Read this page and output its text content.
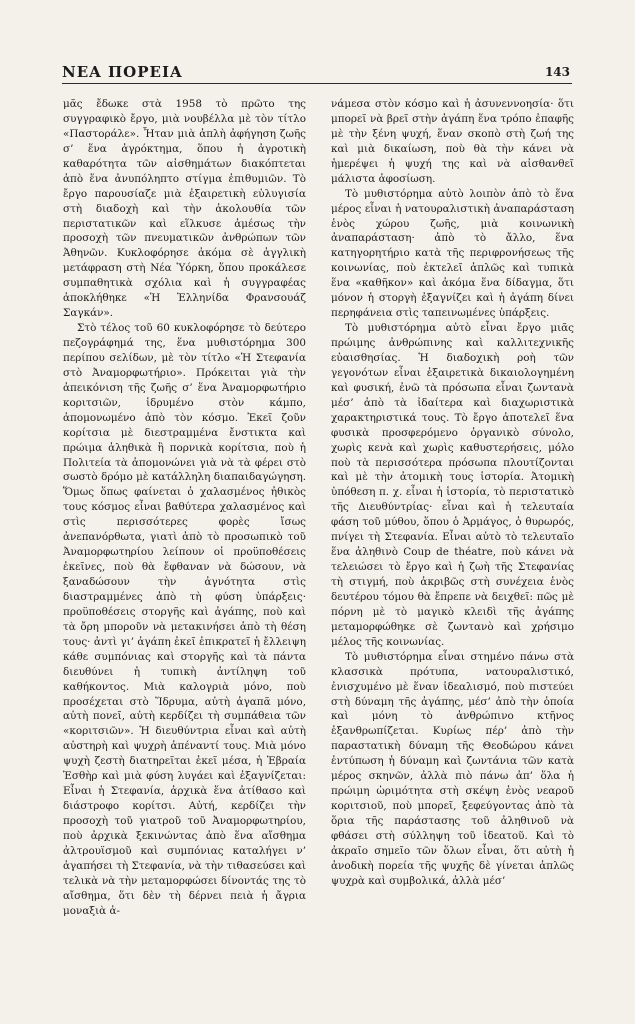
ΝΕΑ ΠΟΡΕΙΑ	143

μᾶς ἔδωκε στὰ 1958 τὸ πρῶτο της συγγραφικὸ ἔργο, μιὰ νουβέλλα μὲ τὸν τίτλο «Παστοράλε». Ἦταν μιὰ ἁπλὴ ἀφήγηση ζωῆς σ’ ἕνα ἀγρόκτημα, ὅπου ἡ ἀγροτικὴ καθαρότητα τῶν αἰσθημάτων διακόπτεται ἀπὸ ἕνα ἀνυπόληπτο στίγμα ἐπιθυμιῶν. Τὸ ἔργο παρουσίαζε μιὰ ἐξαιρετικὴ εὐλυγισία στὴ διαδοχὴ καὶ τὴν ἀκολουθία τῶν περιστατικῶν καὶ εἵλκυσε ἀμέσως τὴν προσοχὴ τῶν πνευματικῶν ἀνθρώπων τῶν Ἀθηνῶν. Κυκλοφόρησε ἀκόμα σὲ ἀγγλικὴ μετάφραση στὴ Νέα Ὑόρκη, ὅπου προκάλεσε συμπαθητικὰ σχόλια καὶ ἡ συγγραφέας ἀποκλήθηκε «Ἡ Ἑλληνίδα Φρανσουάζ Σαγκάν».

Στὸ τέλος τοῦ 60 κυκλοφόρησε τὸ δεύτερο πεζογράφημά της, ἕνα μυθιστόρημα 300 περίπου σελίδων, μὲ τὸν τίτλο «Ἡ Στεφανία στὸ Ἀναμορφωτήριο». Πρόκειται γιὰ τὴν ἀπεικόνιση τῆς ζωῆς σ’ ἕνα Ἀναμορφωτήριο κοριτσιῶν, ἱδρυμένο στὸν κάμπο, ἀπομονωμένο ἀπὸ τὸν κόσμο. Ἐκεῖ ζοῦν κορίτσια μὲ διεστραμμένα ἔνστικτα καὶ πρώιμα ἀληθικὰ ἢ πορνικὰ κορίτσια, ποὺ ἡ Πολιτεία τὰ ἀπομονώνει γιὰ νὰ τὰ φέρει στὸ σωστὸ δρόμο μὲ κατάλληλη διαπαιδαγώγηση. Ὅμως ὅπως φαίνεται ὁ χαλασμένος ἠθικὸς τους κόσμος εἶναι βαθύτερα χαλασμένος καὶ στὶς περισσότερες φορὲς ἴσως ἀνεπανόρθωτα, γιατὶ ἀπὸ τὸ προσωπικὸ τοῦ Ἀναμορφωτηρίου λείπουν οἱ προϋποθέσεις ἐκεῖνες, ποὺ θὰ ἔφθαναν νὰ δώσουν, νὰ ξαναδώσουν τὴν ἀγνότητα στὶς διαστραμμένες ἀπὸ τὴ φύση ὑπάρξεις· προϋποθέσεις στοργῆς καὶ ἀγάπης, ποὺ καὶ τὰ ὄρη μποροῦν νὰ μετακινήσει ἀπὸ τὴ θέση τους· ἀντὶ γι’ ἀγάπη ἐκεῖ ἐπικρατεῖ ἡ ἔλλειψη κάθε συμπόνιας καὶ στοργῆς καὶ τὰ πάντα διευθύνει ἡ τυπικὴ ἀντίληψη τοῦ καθήκοντος. Μιὰ καλογριὰ μόνο, ποὺ προσέχεται στὸ Ἵδρυμα, αὐτὴ ἀγαπᾶ μόνο, αὐτὴ πονεῖ, αὐτὴ κερδίζει τὴ συμπάθεια τῶν «κοριτσιῶν». Ἡ διευθύντρια εἶναι καὶ αὐτὴ αὐστηρὴ καὶ ψυχρὴ ἀπέναντί τους. Μιὰ μόνο ψυχὴ ζεστὴ διατηρεῖται ἐκεῖ μέσα, ἡ Ἑβραία Ἐσθὴρ καὶ μιὰ φύση λυγάει καὶ ἐξαγνίζεται: Εἶναι ἡ Στεφανία, ἀρχικὰ ἕνα ἀτίθασο καὶ διάστροφο κορίτσι. Αὐτή, κερδίζει τὴν προσοχὴ τοῦ γιατροῦ τοῦ Ἀναμορφωτηρίου, ποὺ ἀρχικὰ ξεκινώντας ἀπὸ ἕνα αἴσθημα ἀλτρουϊσμοῦ καὶ συμπόνιας καταλήγει ν’ ἀγαπήσει τὴ Στεφανία, νὰ τὴν τιθασεύσει καὶ τελικὰ νὰ τὴν μεταμορφώσει δίνοντάς της τὸ αἴσθημα, ὅτι δὲν τὴ δέρνει πειὰ ἡ ἄγρια μοναξιὰ ἀ-

νάμεσα στὸν κόσμο καὶ ἡ ἀσυνεννοησία· ὅτι μπορεῖ νὰ βρεῖ στὴν ἀγάπη ἕνα τρόπο ἐπαφῆς μὲ τὴν ξένη ψυχή, ἕναν σκοπὸ στὴ ζωή της καὶ μιὰ δικαίωση, ποὺ θὰ τὴν κάνει νὰ ἡμερέψει ἡ ψυχή της καὶ νὰ αἰσθανθεῖ μάλιστα ἀφοσίωση.

Τὸ μυθιστόρημα αὐτὸ λοιπὸν ἀπὸ τὸ ἕνα μέρος εἶναι ἡ νατουραλιστικὴ ἀναπαράσταση ἑνὸς χώρου ζωῆς, μιὰ κοινωνικὴ ἀναπαράσταση· ἀπὸ τὸ ἄλλο, ἕνα κατηγορητήριο κατὰ τῆς περιφρονήσεως τῆς κοινωνίας, ποὺ ἐκτελεῖ ἁπλῶς καὶ τυπικὰ ἕνα «καθῆκον» καὶ ἀκόμα ἕνα δίδαγμα, ὅτι μόνον ἡ στοργὴ ἐξαγνίζει καὶ ἡ ἀγάπη δίνει περηφάνεια στὶς ταπεινωμένες ὑπάρξεις.

Τὸ μυθιστόρημα αὐτὸ εἶναι ἔργο μιᾶς πρώιμης ἀνθρώπινης καὶ καλλιτεχνικῆς εὐαισθησίας. Ἡ διαδοχικὴ ροὴ τῶν γεγονότων εἶναι ἐξαιρετικὰ δικαιολογημένη καὶ φυσική, ἐνῶ τὰ πρόσωπα εἶναι ζωντανὰ μέσ’ ἀπὸ τὰ ἰδαίτερα καὶ διαχωριστικὰ χαρακτηριστικά τους. Τὸ ἔργο ἀποτελεῖ ἕνα φυσικὰ προσφερόμενο ὀργανικὸ σύνολο, χωρὶς κενὰ καὶ χωρὶς καθυστερήσεις, μόλο ποὺ τὰ περισσότερα πρόσωπα πλουτίζονται καὶ μὲ τὴν ἀτομικὴ τους ἱστορία. Ἀτομικὴ ὑπόθεση π. χ. εἶναι ἡ ἱστορία, τὸ περιστατικὸ τῆς Διευθύντρίας· εἶναι καὶ ἡ τελευταία φάση τοῦ μύθου, ὅπου ὁ Ἀρμάγος, ὁ θυρωρός, πνίγει τὴ Στεφανία. Εἶναι αὐτὸ τὸ τελευταῖο ἕνα ἀληθινὸ Coup de théatre, ποὺ κάνει νὰ τελειώσει τὸ ἔργο καὶ ἡ ζωὴ τῆς Στεφανίας τὴ στιγμή, ποὺ ἀκριβῶς στὴ συνέχεια ἑνὸς δευτέρου τόμου θὰ ἔπρεπε νὰ δειχθεῖ: πῶς μὲ πόρνη μὲ τὸ μαγικὸ κλειδὶ τῆς ἀγάπης μεταμορφώθηκε σὲ ζωντανὸ καὶ χρήσιμο μέλος τῆς κοινωνίας.

Τὸ μυθιστόρημα εἶναι στημένο πάνω στὰ κλασσικὰ πρότυπα, νατουραλιστικό, ἐνισχυμένο μὲ ἕναν ἰδεαλισμό, ποὺ πιστεύει στὴ δύναμη τῆς ἀγάπης, μέσ’ ἀπὸ τὴν ὁποία καὶ μόνη τὸ ἀνθρώπινο κτῆνος ἐξανθρωπίζεται. Κυρίως πέρ’ ἀπὸ τὴν παραστατικὴ δύναμη τῆς Θεοδώρου κάνει ἐντύπωση ἡ δύναμη καὶ ζωντάνια τῶν κατὰ μέρος σκηνῶν, ἀλλὰ πιὸ πάνω ἀπ’ ὅλα ἡ πρώιμη ὡριμότητα στὴ σκέψη ἑνὸς νεαροῦ κοριτσιοῦ, ποὺ μπορεῖ, ξεφεύγοντας ἀπὸ τὰ ὅρια τῆς παράστασης τοῦ ἀληθινοῦ νὰ φθάσει στὴ σύλληψη τοῦ ἰδεατοῦ. Καὶ τὸ ἀκραῖο σημεῖο τῶν ὅλων εἶναι, ὅτι αὐτὴ ἡ ἀνοδικὴ πορεία τῆς ψυχῆς δὲ γίνεται ἁπλῶς ψυχρὰ καὶ συμβολικά, ἀλλὰ μέσ’
